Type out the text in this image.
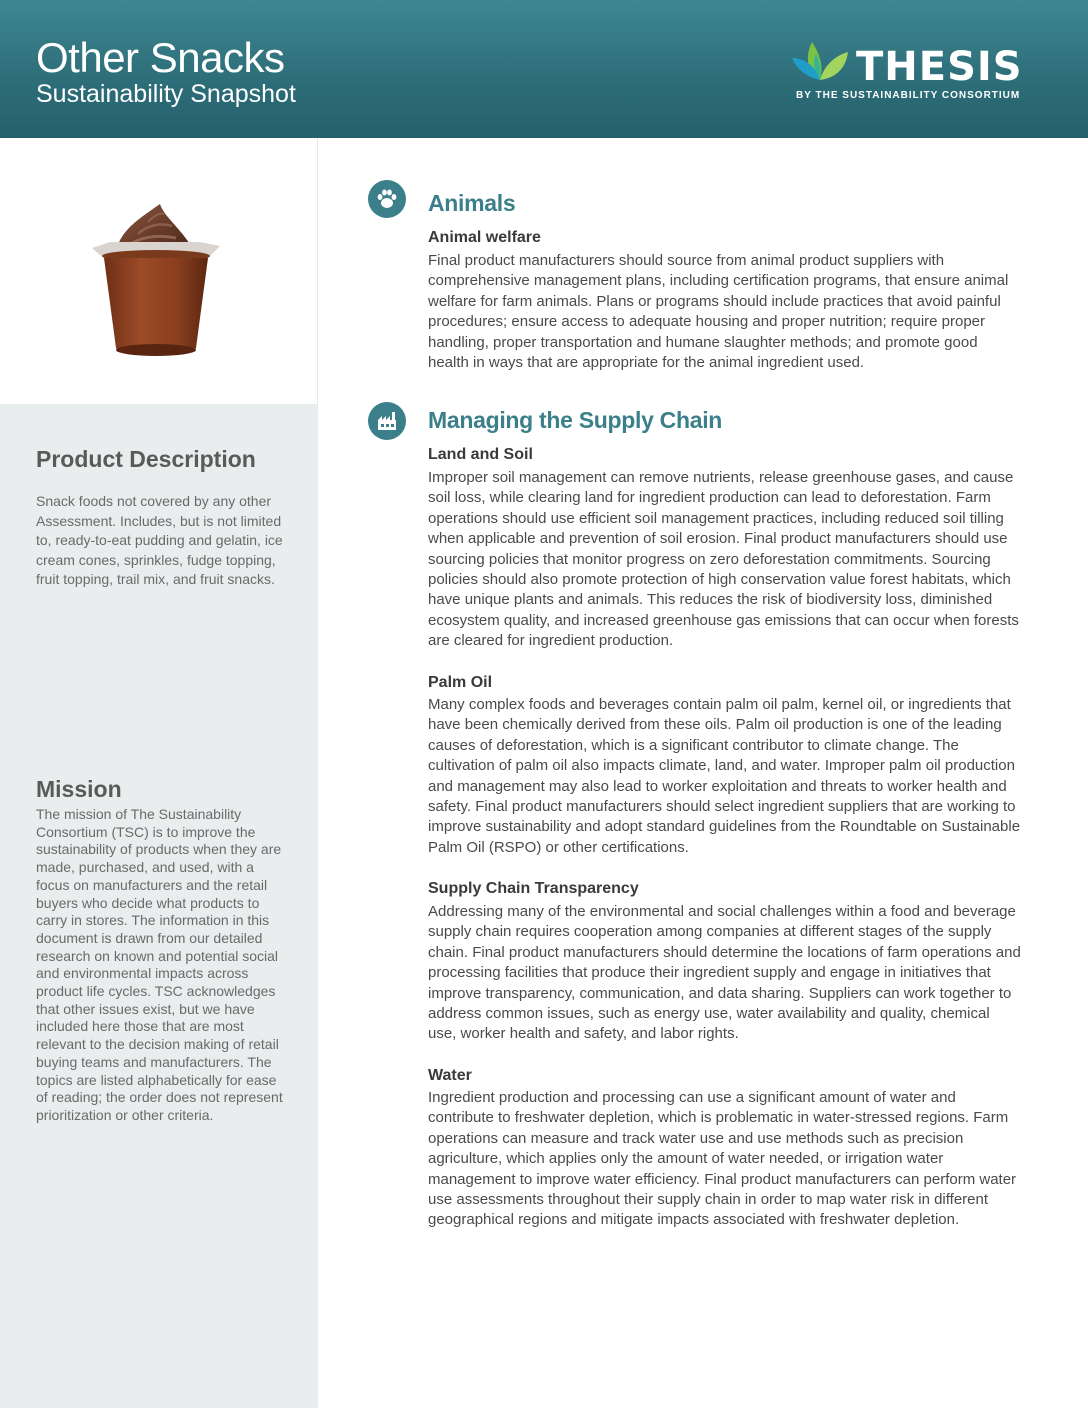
Other Snacks
Sustainability Snapshot
THESIS
BY THE SUSTAINABILITY CONSORTIUM
Product Description
Snack foods not covered by any other Assessment. Includes, but is not limited to, ready-to-eat pudding and gelatin, ice cream cones, sprinkles, fudge topping, fruit topping, trail mix, and fruit snacks.
Mission
The mission of The Sustainability Consortium (TSC) is to improve the sustainability of products when they are made, purchased, and used, with a focus on manufacturers and the retail buyers who decide what products to carry in stores. The information in this document is drawn from our detailed research on known and potential social and environmental impacts across product life cycles. TSC acknowledges that other issues exist, but we have included here those that are most relevant to the decision making of retail buying teams and manufacturers. The topics are listed alphabetically for ease of reading; the order does not represent prioritization or other criteria.
Animals
Animal welfare
Final product manufacturers should source from animal product suppliers with comprehensive management plans, including certification programs, that ensure animal welfare for farm animals. Plans or programs should include practices that avoid painful procedures; ensure access to adequate housing and proper nutrition; require proper handling, proper transportation and humane slaughter methods; and promote good health in ways that are appropriate for the animal ingredient used.
Managing the Supply Chain
Land and Soil
Improper soil management can remove nutrients, release greenhouse gases, and cause soil loss, while clearing land for ingredient production can lead to deforestation. Farm operations should use efficient soil management practices, including reduced soil tilling when applicable and prevention of soil erosion. Final product manufacturers should use sourcing policies that monitor progress on zero deforestation commitments. Sourcing policies should also promote protection of high conservation value forest habitats, which have unique plants and animals. This reduces the risk of biodiversity loss, diminished ecosystem quality, and increased greenhouse gas emissions that can occur when forests are cleared for ingredient production.
Palm Oil
Many complex foods and beverages contain palm oil palm, kernel oil, or ingredients that have been chemically derived from these oils. Palm oil production is one of the leading causes of deforestation, which is a significant contributor to climate change. The cultivation of palm oil also impacts climate, land, and water. Improper palm oil production and management may also lead to worker exploitation and threats to worker health and safety. Final product manufacturers should select ingredient suppliers that are working to improve sustainability and adopt standard guidelines from the Roundtable on Sustainable Palm Oil (RSPO) or other certifications.
Supply Chain Transparency
Addressing many of the environmental and social challenges within a food and beverage supply chain requires cooperation among companies at different stages of the supply chain. Final product manufacturers should determine the locations of farm operations and processing facilities that produce their ingredient supply and engage in initiatives that improve transparency, communication, and data sharing. Suppliers can work together to address common issues, such as energy use, water availability and quality, chemical use, worker health and safety, and labor rights.
Water
Ingredient production and processing can use a significant amount of water and contribute to freshwater depletion, which is problematic in water-stressed regions. Farm operations can measure and track water use and use methods such as precision agriculture, which applies only the amount of water needed, or irrigation water management to improve water efficiency. Final product manufacturers can perform water use assessments throughout their supply chain in order to map water risk in different geographical regions and mitigate impacts associated with freshwater depletion.
